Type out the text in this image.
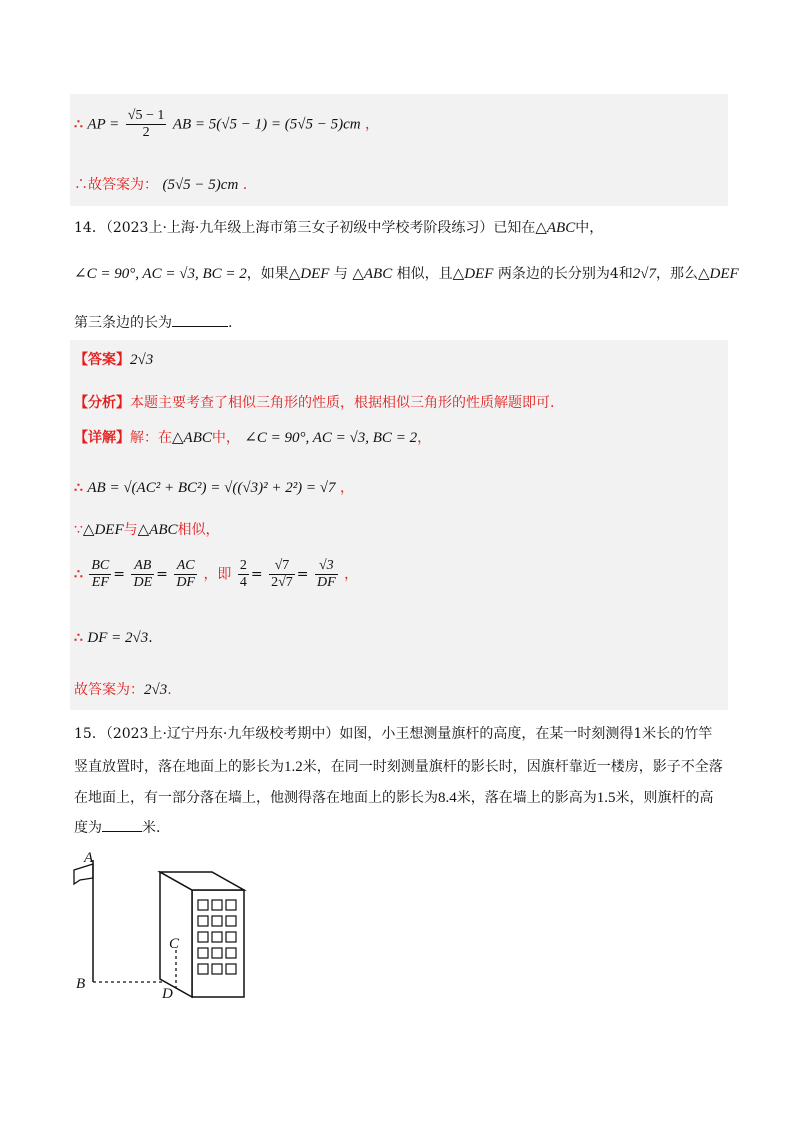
∴ AP = $\frac{√5 - 1}{2}$ AB = 5(√5 − 1) = (5√5 − 5)cm ，
∴故答案为： (5√5 − 5)cm .
14．（2023上·上海·九年级上海市第三女子初级中学校考阶段练习）已知在△ABC中，
∠C = 90°, AC = √3, BC = 2，如果△DEF 与 △ABC 相似，且△DEF 两条边的长分别为4和2√7，那么△DEF
第三条边的长为	.
【答案】2√3
【分析】本题主要考查了相似三角形的性质，根据相似三角形的性质解题即可.
【详解】解：在△ABC中， ∠C = 90°, AC = √3, BC = 2，
∴ AB = √(AC² + BC²) = √((√3)² + 2²) = √7 ，
∵△DEF与△ABC相似，
∴ $\frac{BC}{EF} = \frac{AB}{DE} = \frac{AC}{DF}$ ，即 $\frac{2}{4} = \frac{√7}{2√7} = \frac{√3}{DF}$ ，
∴ DF = 2√3.
故答案为：2√3.
15．（2023上·辽宁丹东·九年级校考期中）如图，小王想测量旗杆的高度，在某一时刻测得1米长的竹竿
竖直放置时，落在地面上的影长为1.2米，在同一时刻测量旗杆的影长时，因旗杆靠近一楼房，影子不全落
在地面上，有一部分落在墙上，他测得落在地面上的影长为8.4米，落在墙上的影高为1.5米，则旗杆的高
度为	米.
A
B
C
D
